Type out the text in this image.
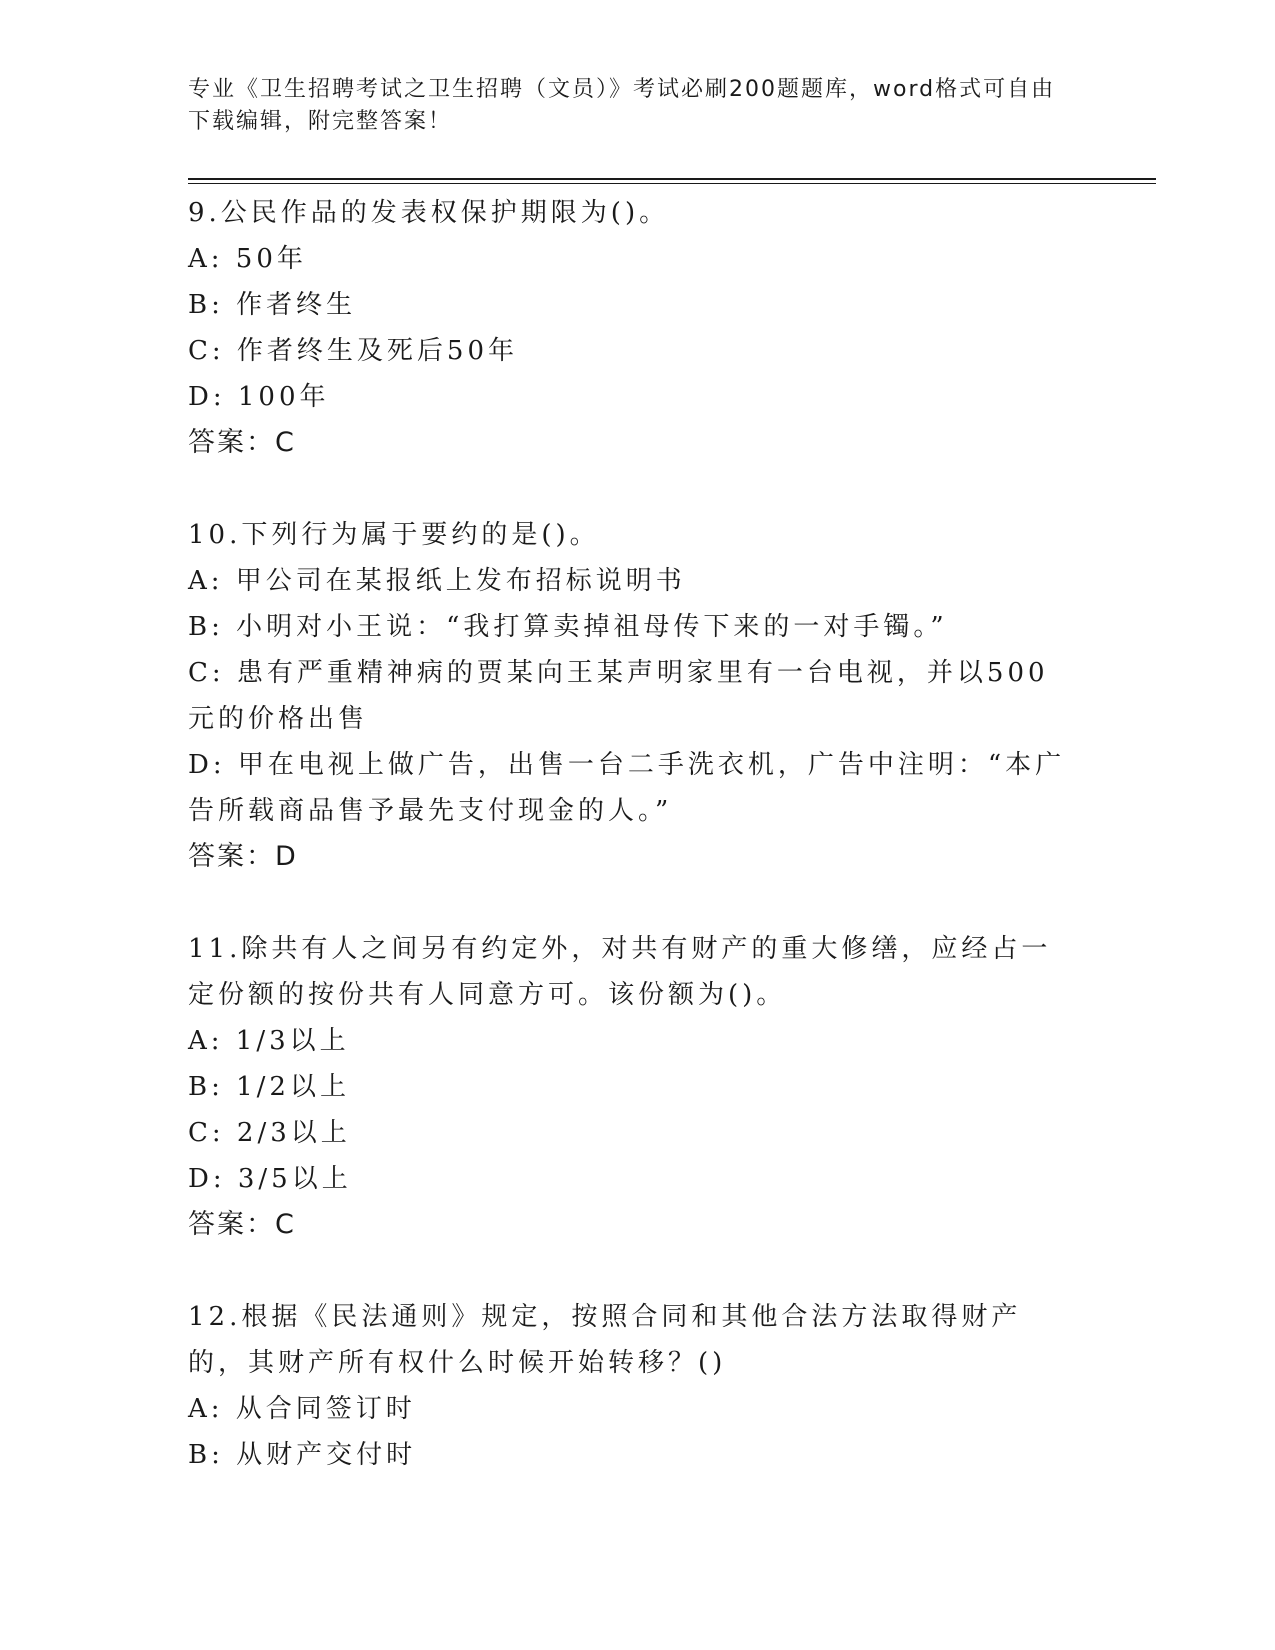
专业《卫生招聘考试之卫生招聘（文员）》考试必刷200题题库，word格式可自由下载编辑，附完整答案！
9.公民作品的发表权保护期限为()。
A: 50年
B: 作者终生
C: 作者终生及死后50年
D: 100年
答案：C
10.下列行为属于要约的是()。
A: 甲公司在某报纸上发布招标说明书
B: 小明对小王说：“我打算卖掉祖母传下来的一对手镯。”
C: 患有严重精神病的贾某向王某声明家里有一台电视，并以500元的价格出售
D: 甲在电视上做广告，出售一台二手洗衣机，广告中注明：“本广告所载商品售予最先支付现金的人。”
答案：D
11.除共有人之间另有约定外，对共有财产的重大修缮，应经占一定份额的按份共有人同意方可。该份额为()。
A: 1/3以上
B: 1/2以上
C: 2/3以上
D: 3/5以上
答案：C
12.根据《民法通则》规定，按照合同和其他合法方法取得财产的，其财产所有权什么时候开始转移？()
A: 从合同签订时
B: 从财产交付时
